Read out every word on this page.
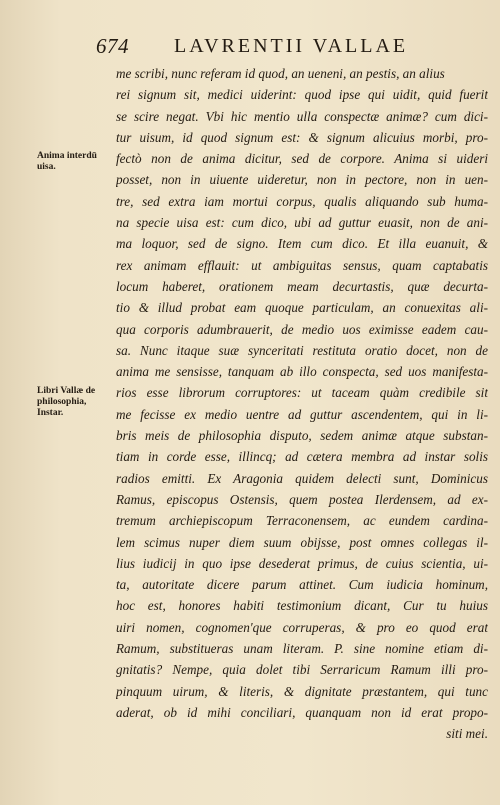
674 LAVRENTII VALLAE
Anima interdū
uisa.
Libri Vallæ de
philosophia,
Instar.
me scribi, nunc referam id quod, an ueneni, an pestis, an alius
rei signum sit, medici uiderint: quod ipse qui uidit, quid fuerit
se scire negat. Vbi hic mentio ulla conspectæ animæ? cum dici-
tur uisum, id quod signum est: & signum alicuius morbi, pro-
fectò non de anima dicitur, sed de corpore. Anima si uideri
posset, non in uiuente uideretur, non in pectore, non in uen-
tre, sed extra iam mortui corpus, qualis aliquando sub huma-
na specie uisa est: cum dico, ubi ad guttur euasit, non de ani-
ma loquor, sed de signo. Item cum dico. Et illa euanuit, &
rex animam efflauit: ut ambiguitas sensus, quam captabatis
locum haberet, orationem meam decurtastis, quæ decurta-
tio & illud probat eam quoque particulam, an conuexitas ali-
qua corporis adumbrauerit, de medio uos eximisse eadem cau-
sa. Nunc itaque suæ synceritati restituta oratio docet, non de
anima me sensisse, tanquam ab illo conspecta, sed uos manifesta-
rios esse librorum corruptores: ut taceam quàm credibile sit
me fecisse ex medio uentre ad guttur ascendentem, qui in li-
bris meis de philosophia disputo, sedem animæ atque substan-
tiam in corde esse, illincq; ad cætera membra ad instar solis
radios emitti. Ex Aragonia quidem delecti sunt, Dominicus
Ramus, episcopus Ostensis, quem postea Ilerdensem, ad ex-
tremum archiepiscopum Terraconensem, ac eundem cardina-
lem scimus nuper diem suum obijsse, post omnes collegas il-
lius iudicij in quo ipse desederat primus, de cuius scientia, ui-
ta, autoritate dicere parum attinet. Cum iudicia hominum,
hoc est, honores habiti testimonium dicant, Cur tu huius
uiri nomen, cognomen'que corruperas, & pro eo quod erat
Ramum, substitueras unam literam. P. sine nomine etiam di-
gnitatis? Nempe, quia dolet tibi Serraricum Ramum illi pro-
pinquum uirum, & literis, & dignitate præstantem, qui tunc
aderat, ob id mihi conciliari, quanquam non id erat propo-
siti mei.
